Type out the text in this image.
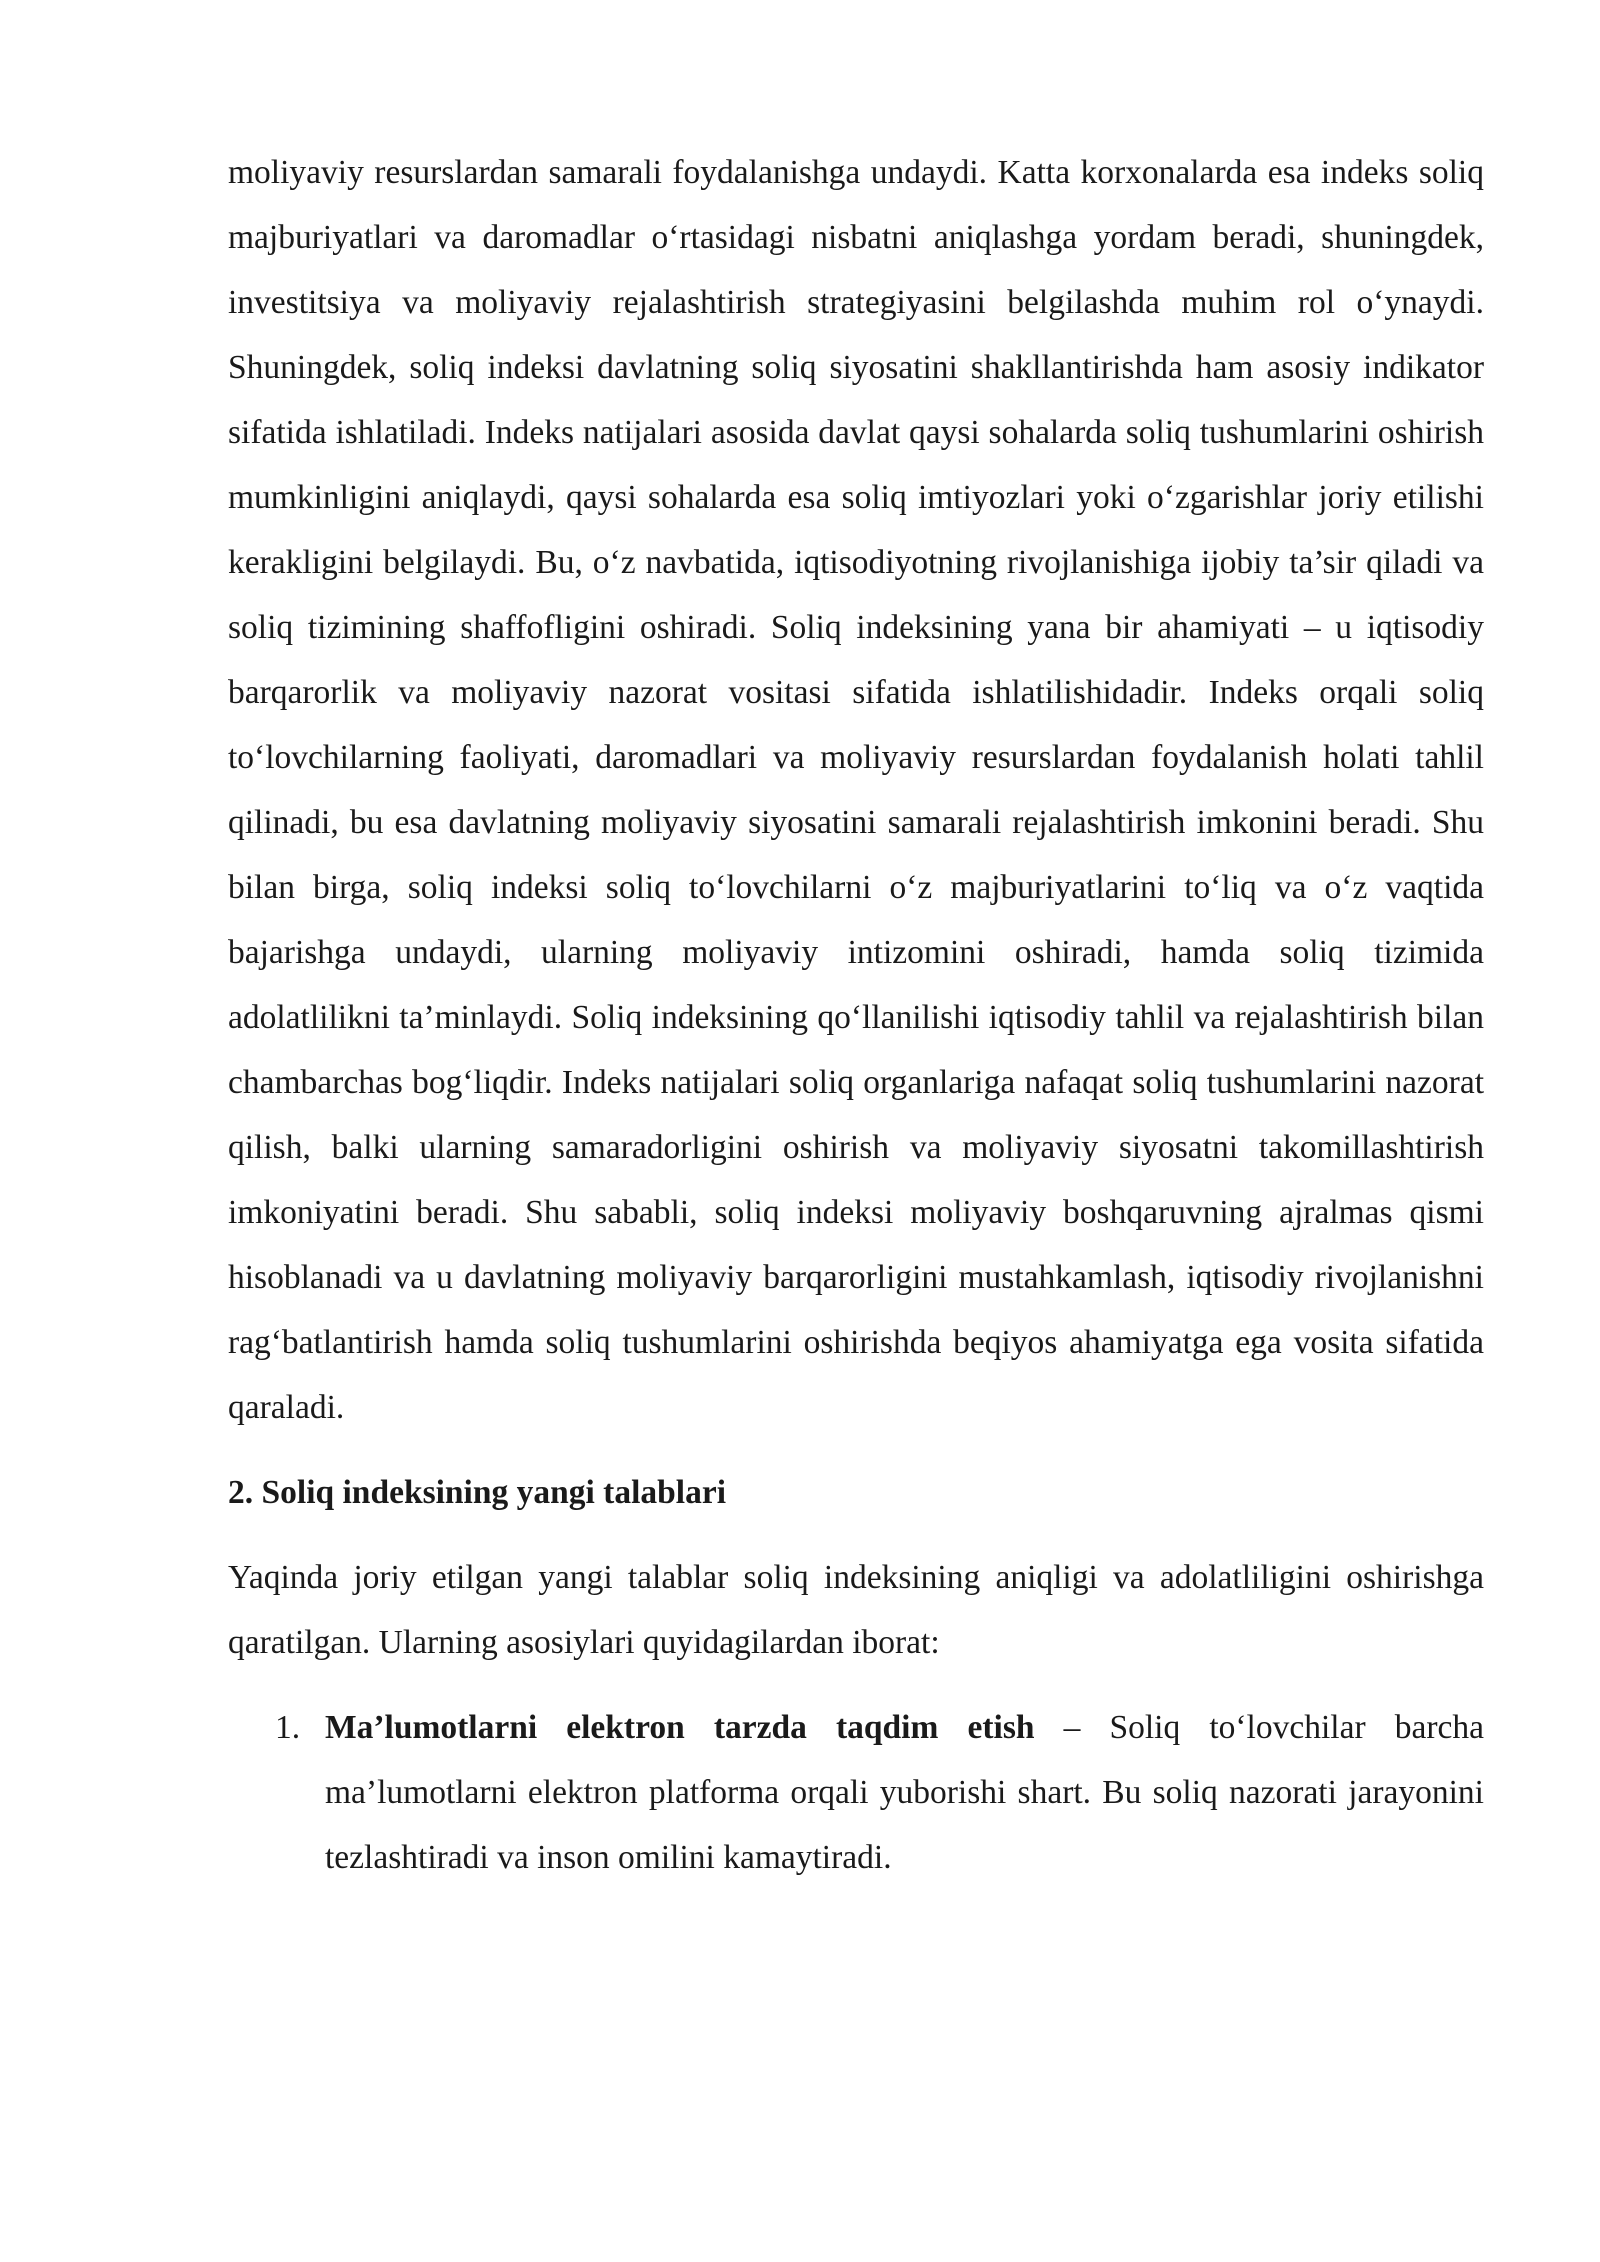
moliyaviy resurslardan samarali foydalanishga undaydi. Katta korxonalarda esa indeks soliq majburiyatlari va daromadlar o‘rtasidagi nisbatni aniqlashga yordam beradi, shuningdek, investitsiya va moliyaviy rejalashtirish strategiyasini belgilashda muhim rol o‘ynaydi. Shuningdek, soliq indeksi davlatning soliq siyosatini shakllantirishda ham asosiy indikator sifatida ishlatiladi. Indeks natijalari asosida davlat qaysi sohalarda soliq tushumlarini oshirish mumkinligini aniqlaydi, qaysi sohalarda esa soliq imtiyozlari yoki o‘zgarishlar joriy etilishi kerakligini belgilaydi. Bu, o‘z navbatida, iqtisodiyotning rivojlanishiga ijobiy ta’sir qiladi va soliq tizimining shaffofligini oshiradi. Soliq indeksining yana bir ahamiyati – u iqtisodiy barqarorlik va moliyaviy nazorat vositasi sifatida ishlatilishidadir. Indeks orqali soliq to‘lovchilarning faoliyati, daromadlari va moliyaviy resurslardan foydalanish holati tahlil qilinadi, bu esa davlatning moliyaviy siyosatini samarali rejalashtirish imkonini beradi. Shu bilan birga, soliq indeksi soliq to‘lovchilarni o‘z majburiyatlarini to‘liq va o‘z vaqtida bajarishga undaydi, ularning moliyaviy intizomini oshiradi, hamda soliq tizimida adolatlilikni ta’minlaydi. Soliq indeksining qo‘llanilishi iqtisodiy tahlil va rejalashtirish bilan chambarchas bog‘liqdir. Indeks natijalari soliq organlariga nafaqat soliq tushumlarini nazorat qilish, balki ularning samaradorligini oshirish va moliyaviy siyosatni takomillashtirish imkoniyatini beradi. Shu sababli, soliq indeksi moliyaviy boshqaruvning ajralmas qismi hisoblanadi va u davlatning moliyaviy barqarorligini mustahkamlash, iqtisodiy rivojlanishni rag‘batlantirish hamda soliq tushumlarini oshirishda beqiyos ahamiyatga ega vosita sifatida qaraladi.

2. Soliq indeksining yangi talablari

Yaqinda joriy etilgan yangi talablar soliq indeksining aniqligi va adolatliligini oshirishga qaratilgan. Ularning asosiylari quyidagilardan iborat:

1. Ma’lumotlarni elektron tarzda taqdim etish – Soliq to‘lovchilar barcha ma’lumotlarni elektron platforma orqali yuborishi shart. Bu soliq nazorati jarayonini tezlashtiradi va inson omilini kamaytiradi.
